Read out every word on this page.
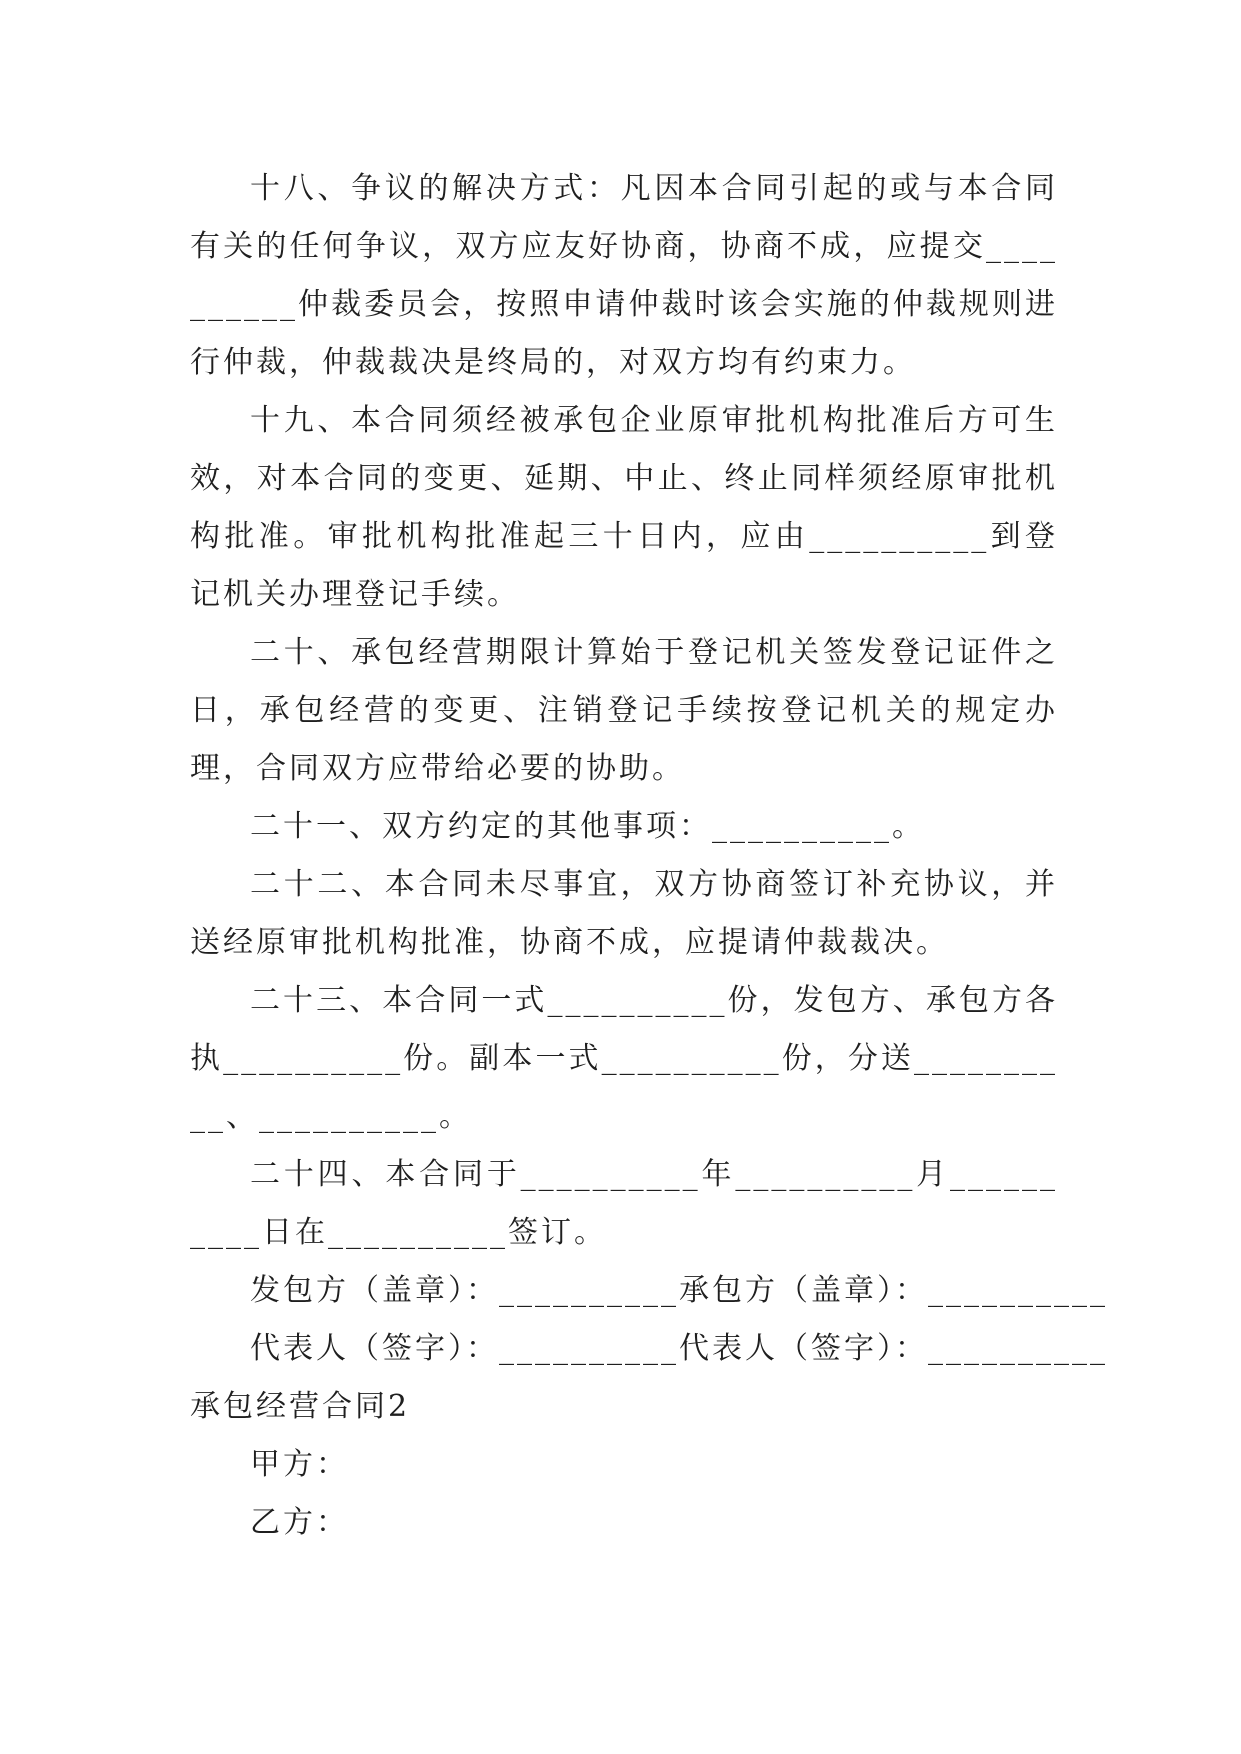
十八、争议的解决方式：凡因本合同引起的或与本合同有关的任何争议，双方应友好协商，协商不成，应提交__________仲裁委员会，按照申请仲裁时该会实施的仲裁规则进行仲裁，仲裁裁决是终局的，对双方均有约束力。

十九、本合同须经被承包企业原审批机构批准后方可生效，对本合同的变更、延期、中止、终止同样须经原审批机构批准。审批机构批准起三十日内，应由__________到登记机关办理登记手续。

二十、承包经营期限计算始于登记机关签发登记证件之日，承包经营的变更、注销登记手续按登记机关的规定办理，合同双方应带给必要的协助。

二十一、双方约定的其他事项：__________。

二十二、本合同未尽事宜，双方协商签订补充协议，并送经原审批机构批准，协商不成，应提请仲裁裁决。

二十三、本合同一式__________份，发包方、承包方各执__________份。副本一式__________份，分送__________、__________。

二十四、本合同于__________年__________月__________日在__________签订。

发包方（盖章）：__________承包方（盖章）：__________

代表人（签字）：__________代表人（签字）：__________

承包经营合同2

甲方：

乙方：
